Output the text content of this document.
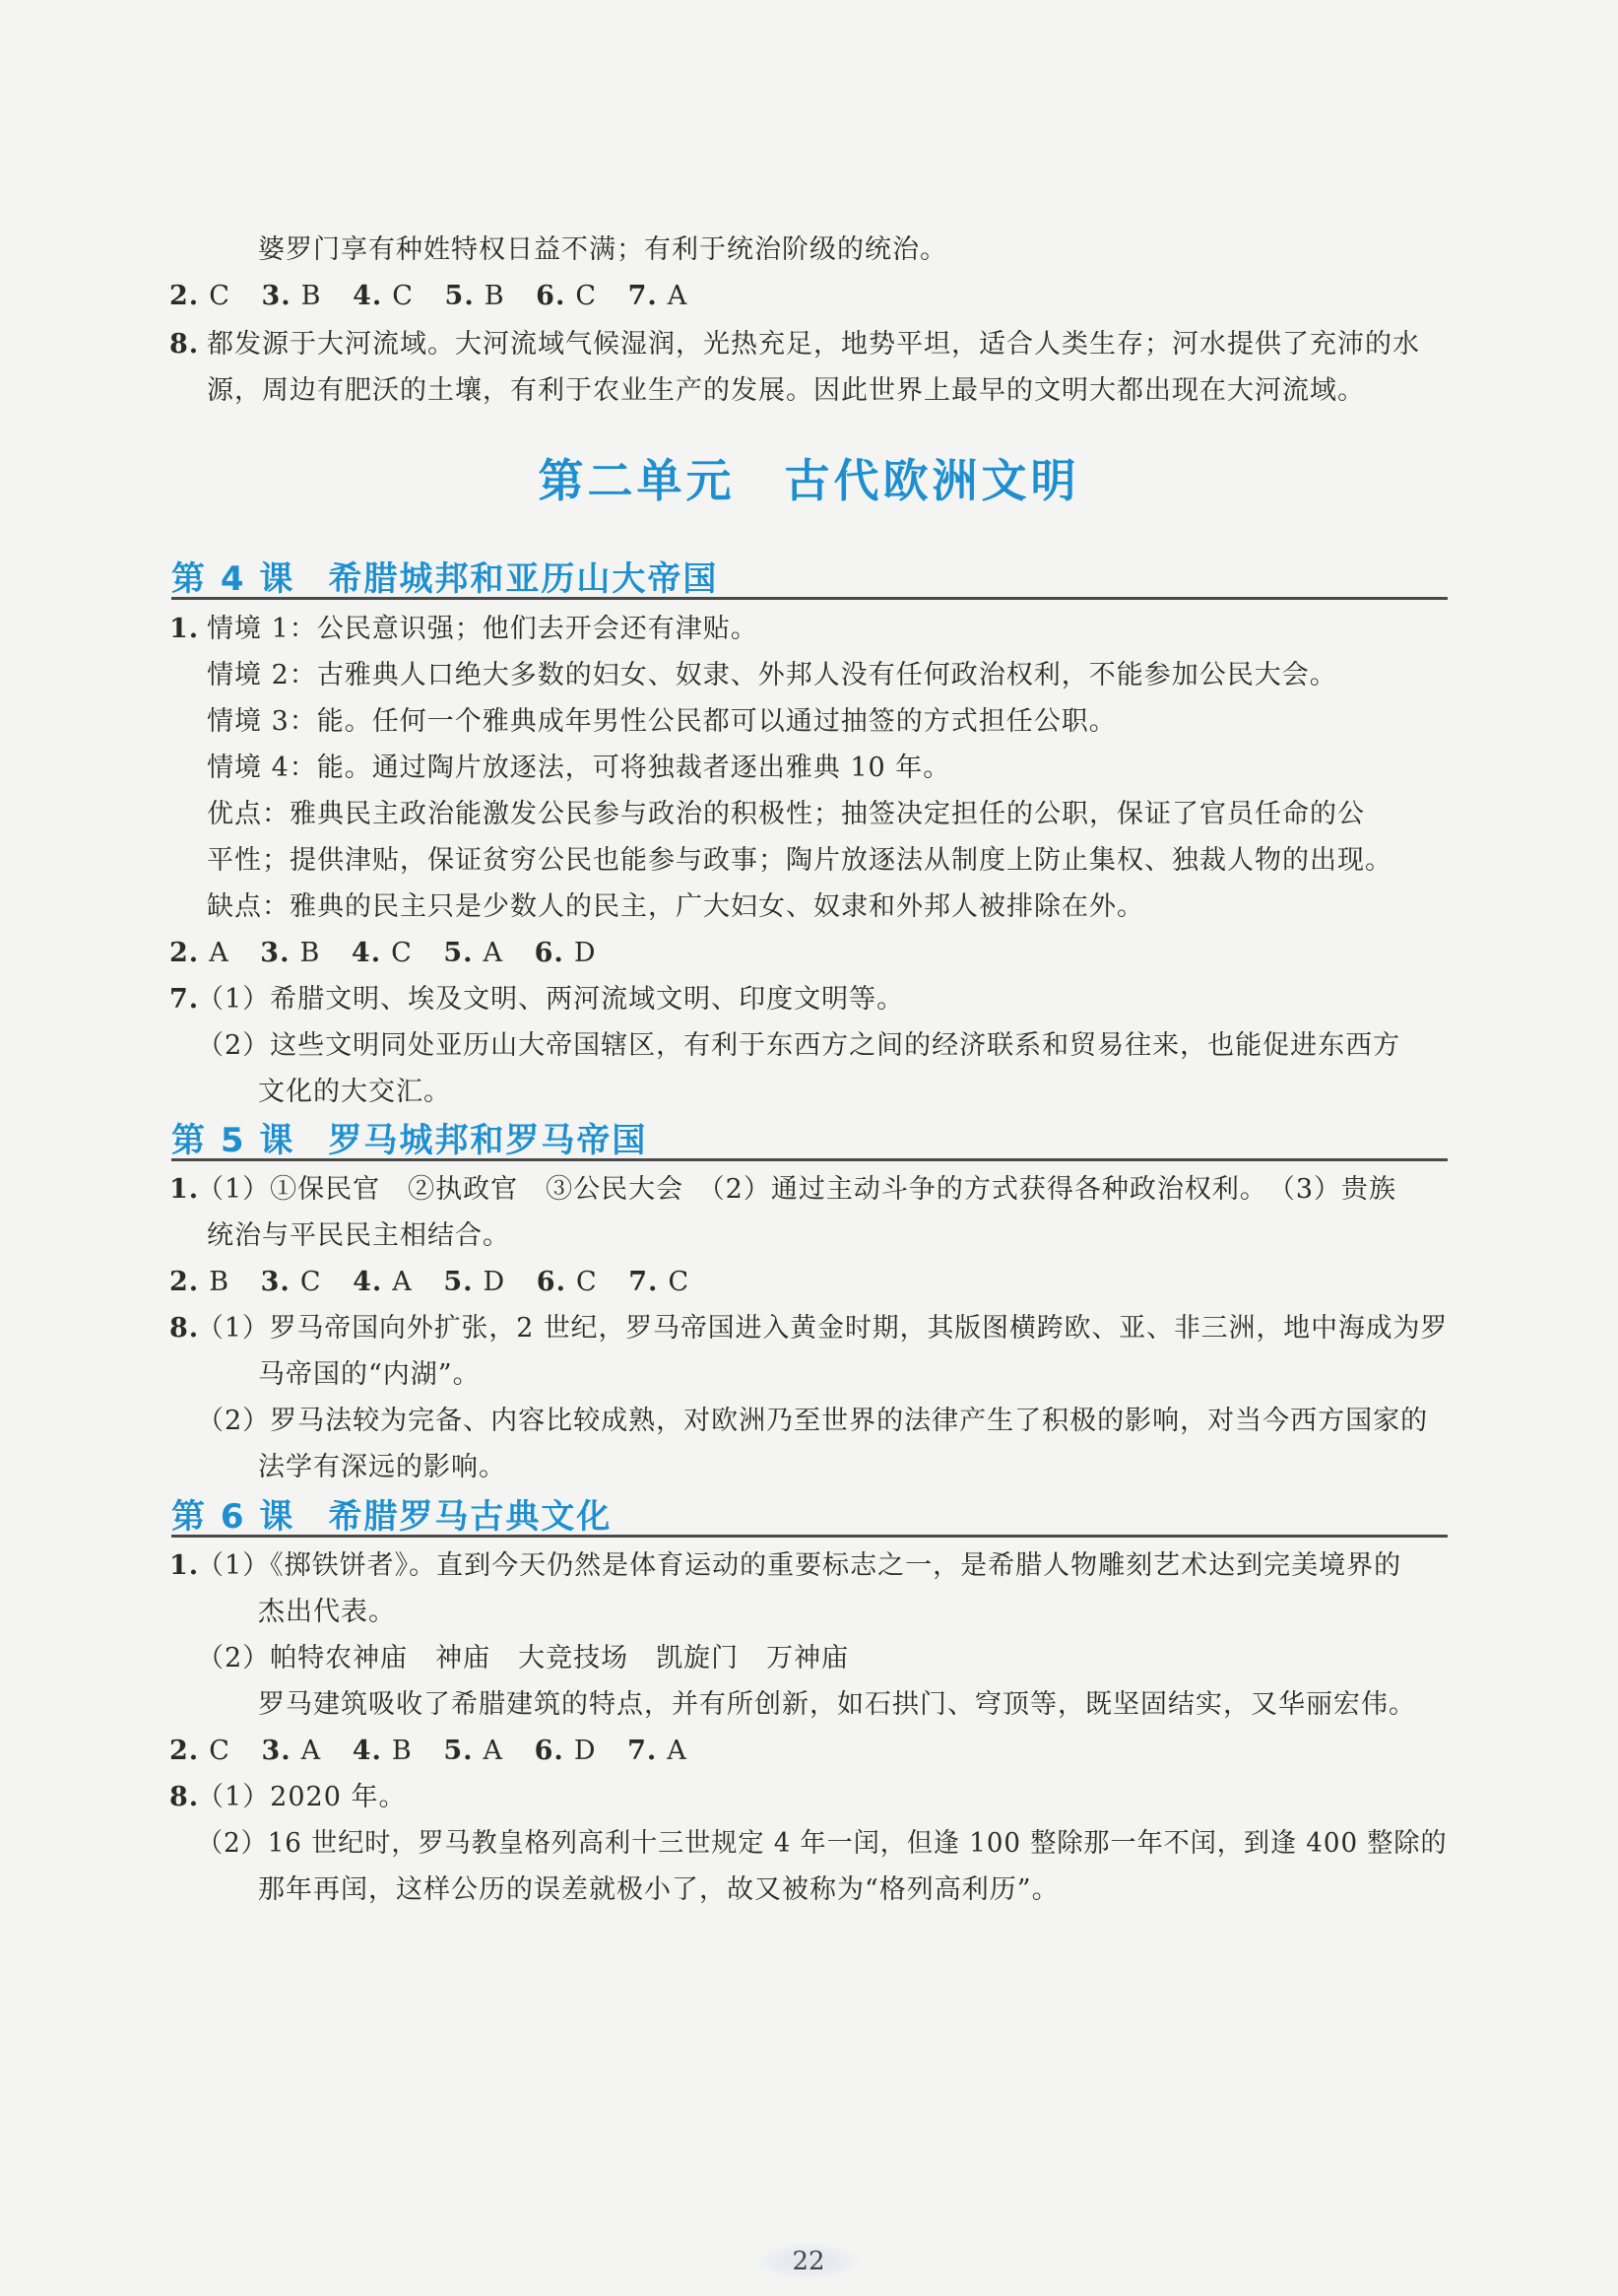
婆罗门享有种姓特权日益不满；有利于统治阶级的统治。
2. C 3. B 4. C 5. B 6. C 7. A
8. 都发源于大河流域。大河流域气候湿润，光热充足，地势平坦，适合人类生存；河水提供了充沛的水
源，周边有肥沃的土壤，有利于农业生产的发展。因此世界上最早的文明大都出现在大河流域。
第二单元　古代欧洲文明
第 4 课 希腊城邦和亚历山大帝国
1. 情境 1：公民意识强；他们去开会还有津贴。
情境 2：古雅典人口绝大多数的妇女、奴隶、外邦人没有任何政治权利，不能参加公民大会。
情境 3：能。任何一个雅典成年男性公民都可以通过抽签的方式担任公职。
情境 4：能。通过陶片放逐法，可将独裁者逐出雅典 10 年。
优点：雅典民主政治能激发公民参与政治的积极性；抽签决定担任的公职，保证了官员任命的公
平性；提供津贴，保证贫穷公民也能参与政事；陶片放逐法从制度上防止集权、独裁人物的出现。
缺点：雅典的民主只是少数人的民主，广大妇女、奴隶和外邦人被排除在外。
2. A 3. B 4. C 5. A 6. D
7.
（1）希腊文明、埃及文明、两河流域文明、印度文明等。
（2）这些文明同处亚历山大帝国辖区，有利于东西方之间的经济联系和贸易往来，也能促进东西方
文化的大交汇。
第 5 课 罗马城邦和罗马帝国
1.
（1）①保民官　②执政官　③公民大会　（2）通过主动斗争的方式获得各种政治权利。　（3）贵族
统治与平民民主相结合。
2. B 3. C 4. A 5. D 6. C 7. C
8.
（1）罗马帝国向外扩张，2 世纪，罗马帝国进入黄金时期，其版图横跨欧、亚、非三洲，地中海成为罗
马帝国的“内湖”。
（2）罗马法较为完备、内容比较成熟，对欧洲乃至世界的法律产生了积极的影响，对当今西方国家的
法学有深远的影响。
第 6 课 希腊罗马古典文化
1.
（1）《掷铁饼者》。直到今天仍然是体育运动的重要标志之一，是希腊人物雕刻艺术达到完美境界的
杰出代表。
（2）帕特农神庙　神庙　大竞技场　凯旋门　万神庙
罗马建筑吸收了希腊建筑的特点，并有所创新，如石拱门、穹顶等，既坚固结实，又华丽宏伟。
2. C 3. A 4. B 5. A 6. D 7. A
8.
（1）2020 年。
（2）16 世纪时，罗马教皇格列高利十三世规定 4 年一闰，但逢 100 整除那一年不闰，到逢 400 整除的
那年再闰，这样公历的误差就极小了，故又被称为“格列高利历”。
22
